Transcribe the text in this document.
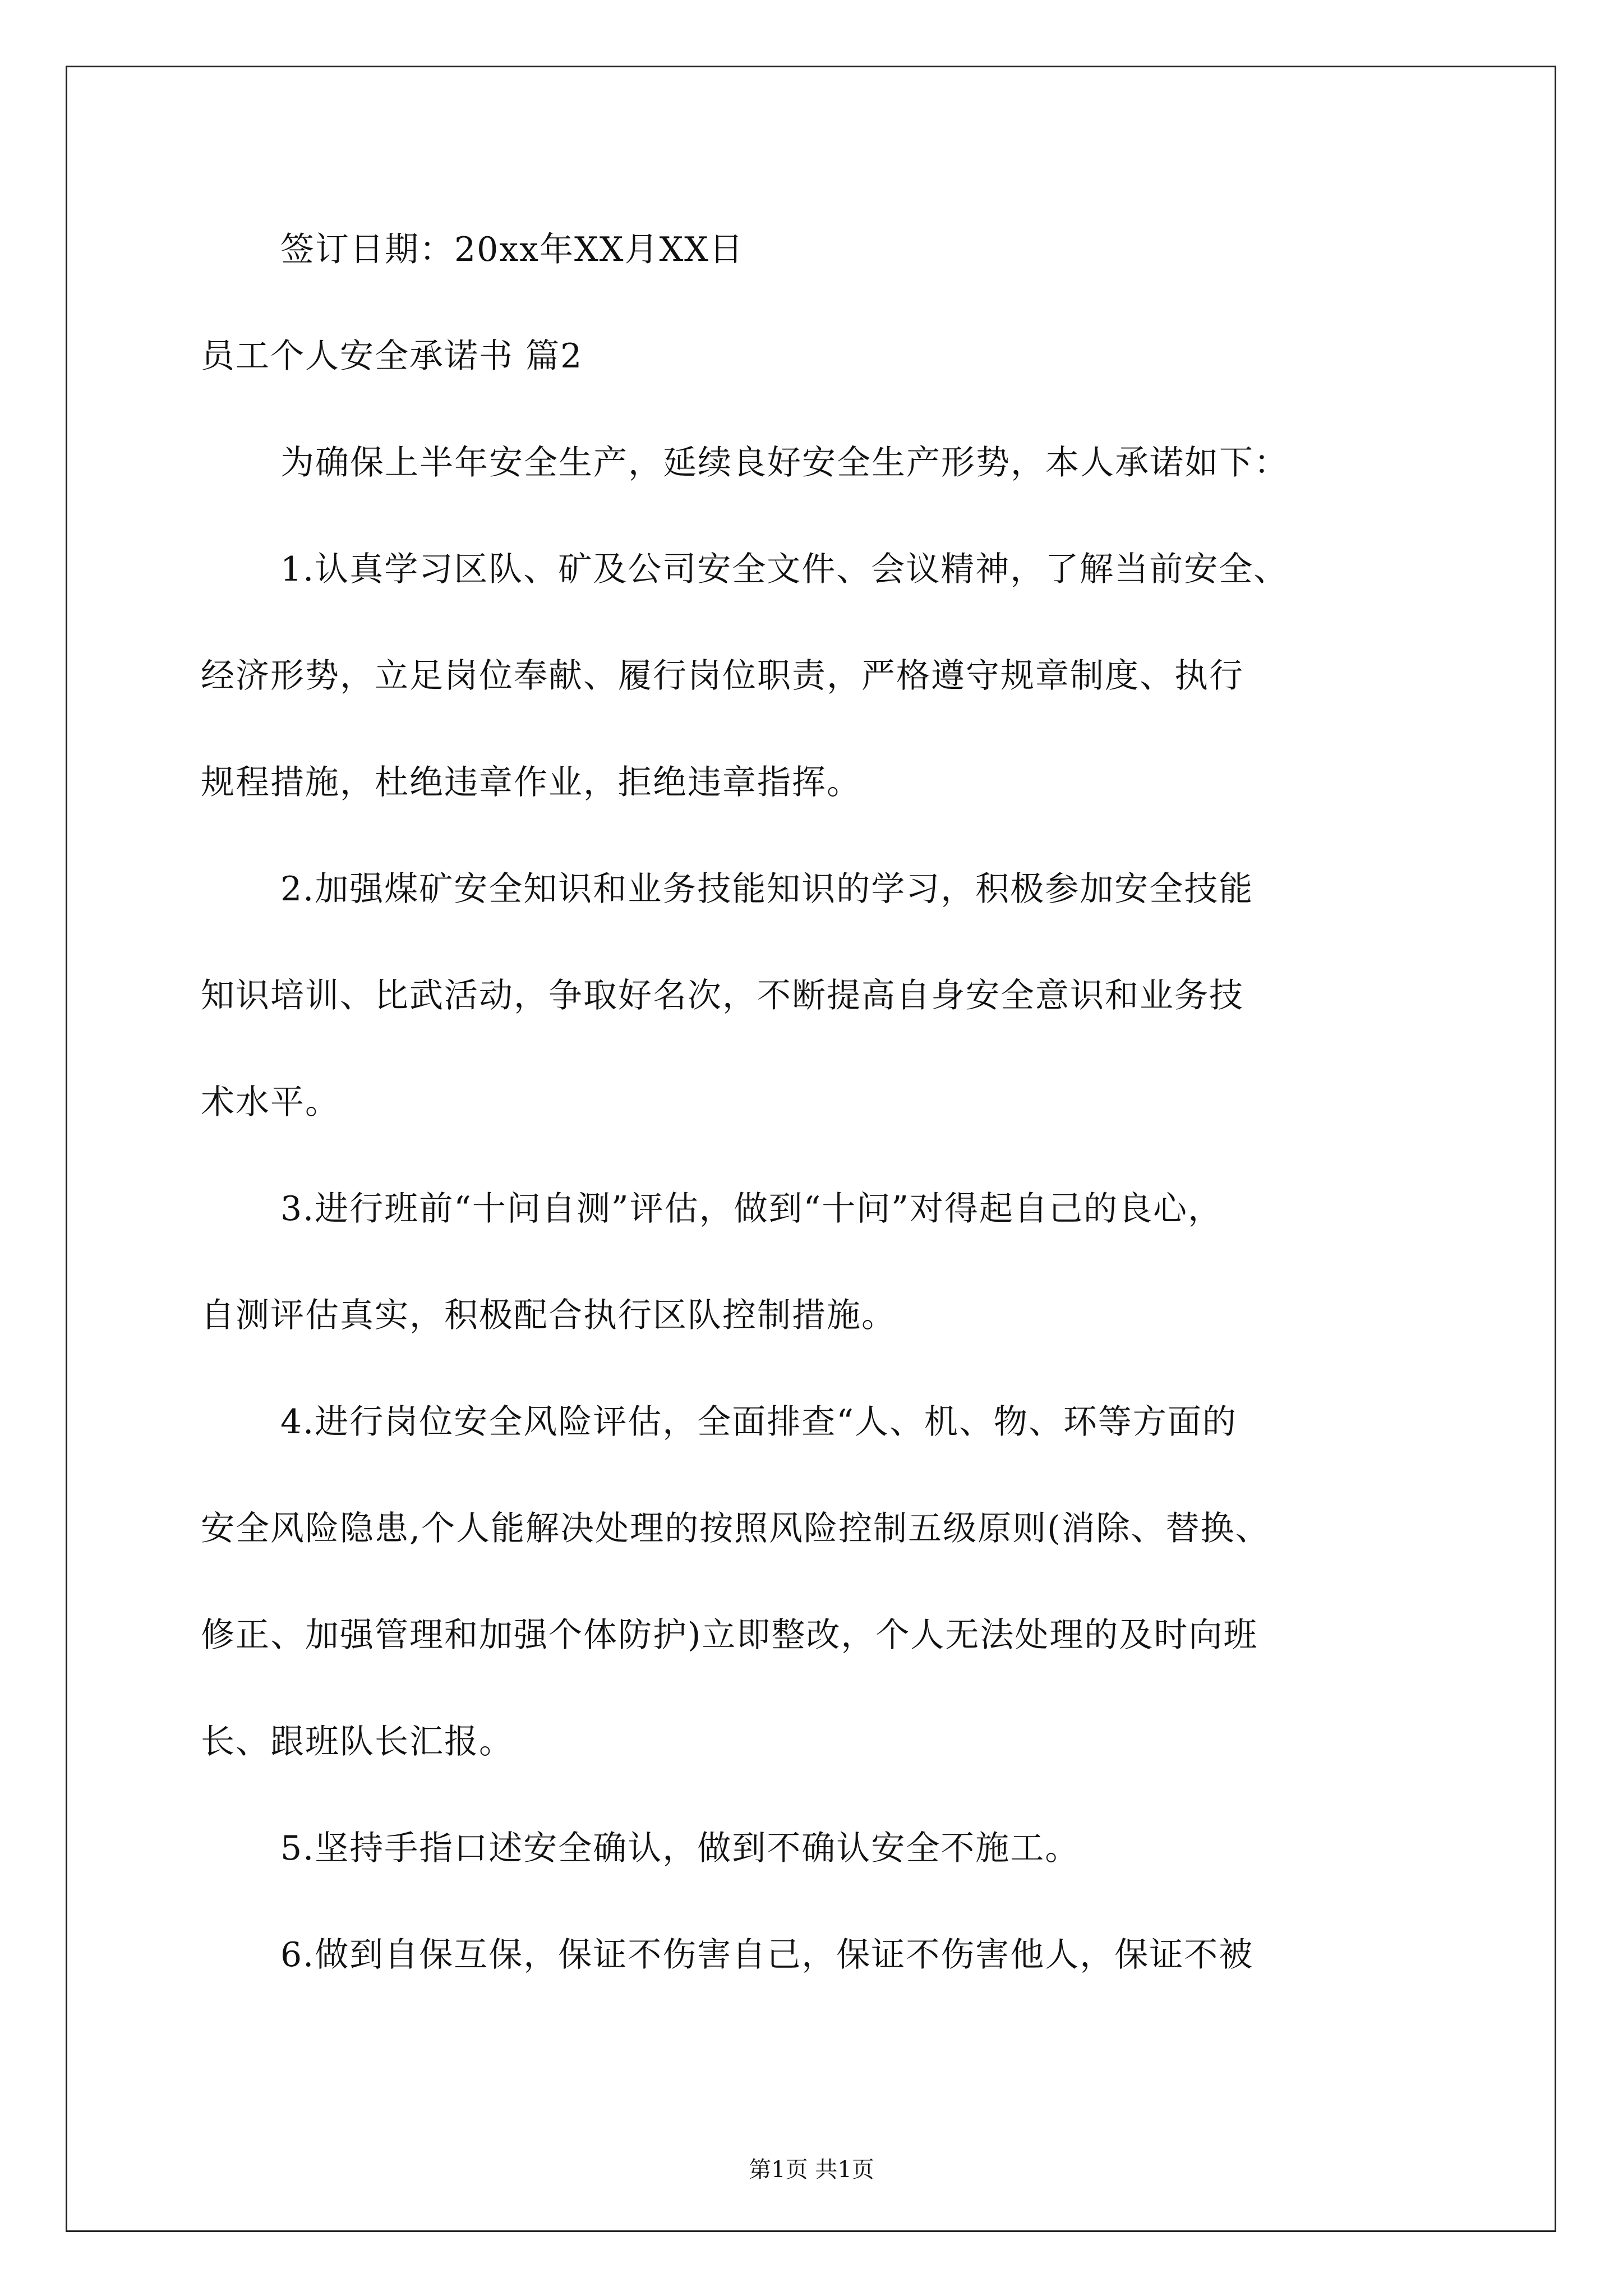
签订日期：20xx年XX月XX日
员工个人安全承诺书 篇2
为确保上半年安全生产，延续良好安全生产形势，本人承诺如下：
1.认真学习区队、矿及公司安全文件、会议精神，了解当前安全、
经济形势，立足岗位奉献、履行岗位职责，严格遵守规章制度、执行
规程措施，杜绝违章作业，拒绝违章指挥。
2.加强煤矿安全知识和业务技能知识的学习，积极参加安全技能
知识培训、比武活动，争取好名次，不断提高自身安全意识和业务技
术水平。
3.进行班前“十问自测”评估，做到“十问”对得起自己的良心，
自测评估真实，积极配合执行区队控制措施。
4.进行岗位安全风险评估，全面排查“人、机、物、环等方面的
安全风险隐患,个人能解决处理的按照风险控制五级原则(消除、替换、
修正、加强管理和加强个体防护)立即整改，个人无法处理的及时向班
长、跟班队长汇报。
5.坚持手指口述安全确认，做到不确认安全不施工。
6.做到自保互保，保证不伤害自己，保证不伤害他人，保证不被
第1页 共1页
